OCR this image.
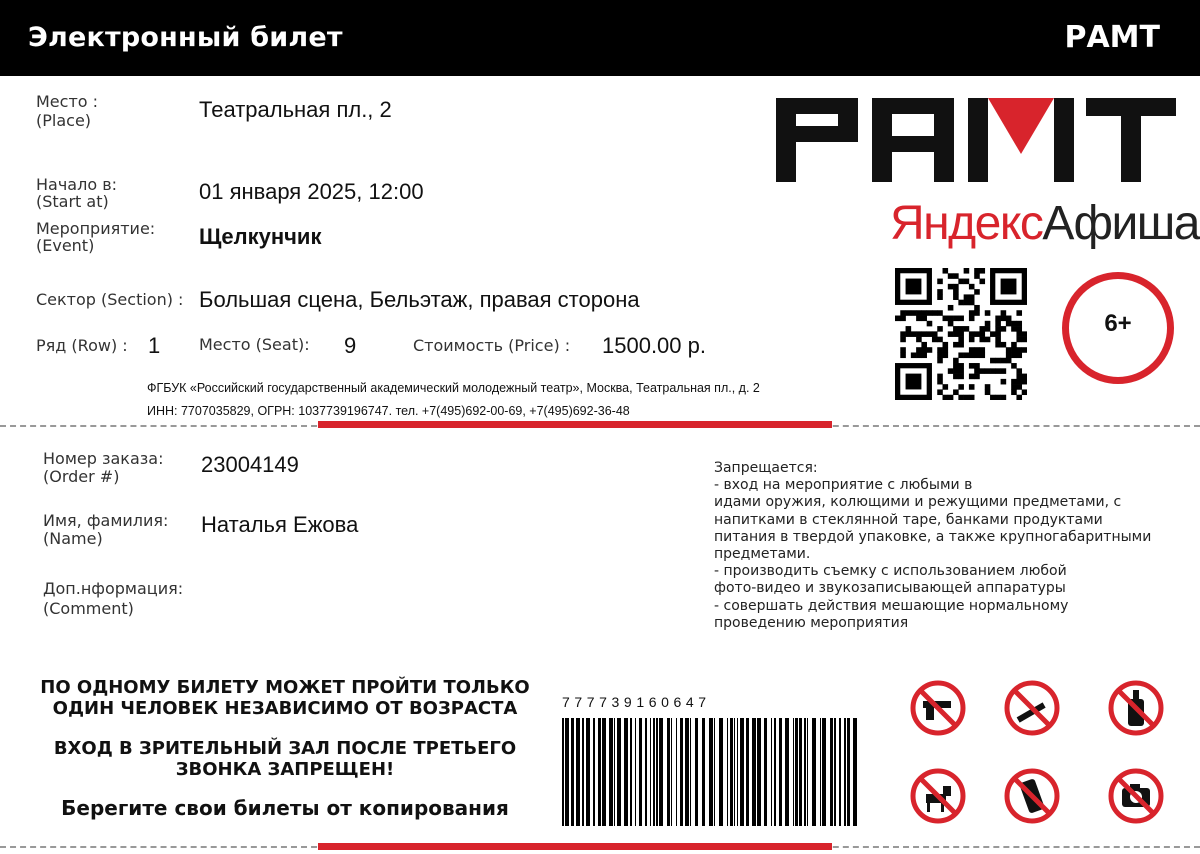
Электронный билет	РАМТ
Место :
(Place)	Театральная пл., 2
Начало в:
(Start at)	01 января 2025, 12:00
Мероприятие:
(Event)	Щелкунчик
Сектор (Section) : Большая сцена, Бельэтаж, правая сторона
Ряд (Row) : 1 Место (Seat): 9	Стоимость (Price) : 1500.00 р.
ФГБУК «Российский государственный академический молодежный театр», Москва, Театральная пл., д. 2
ИНН: 7707035829, ОГРН: 1037739196747. тел. +7(495)692-00-69, +7(495)692-36-48
ЯндексАфиша
6+
Номер заказа:
(Order #)	23004149
Имя, фамилия:
(Name)
Наталья Ежова
Доп.нформация:
(Comment)
Запрещается:
- вход на мероприятие с любыми в
идами оружия, колющими и режущими предметами, с
напитками в стеклянной таре, банками продуктами
питания в твердой упаковке, а также крупногабаритными
предметами.
- производить съемку с использованием любой
фото-видео и звукозаписывающей аппаратуры
- совершать действия мешающие нормальному
проведению мероприятия
ПО ОДНОМУ БИЛЕТУ МОЖЕТ ПРОЙТИ ТОЛЬКО
ОДИН ЧЕЛОВЕК НЕЗАВИСИМО ОТ ВОЗРАСТА
ВХОД В ЗРИТЕЛЬНЫЙ ЗАЛ ПОСЛЕ ТРЕТЬЕГО
ЗВОНКА ЗАПРЕЩЕН!
Берегите свои билеты от копирования
777739160647
